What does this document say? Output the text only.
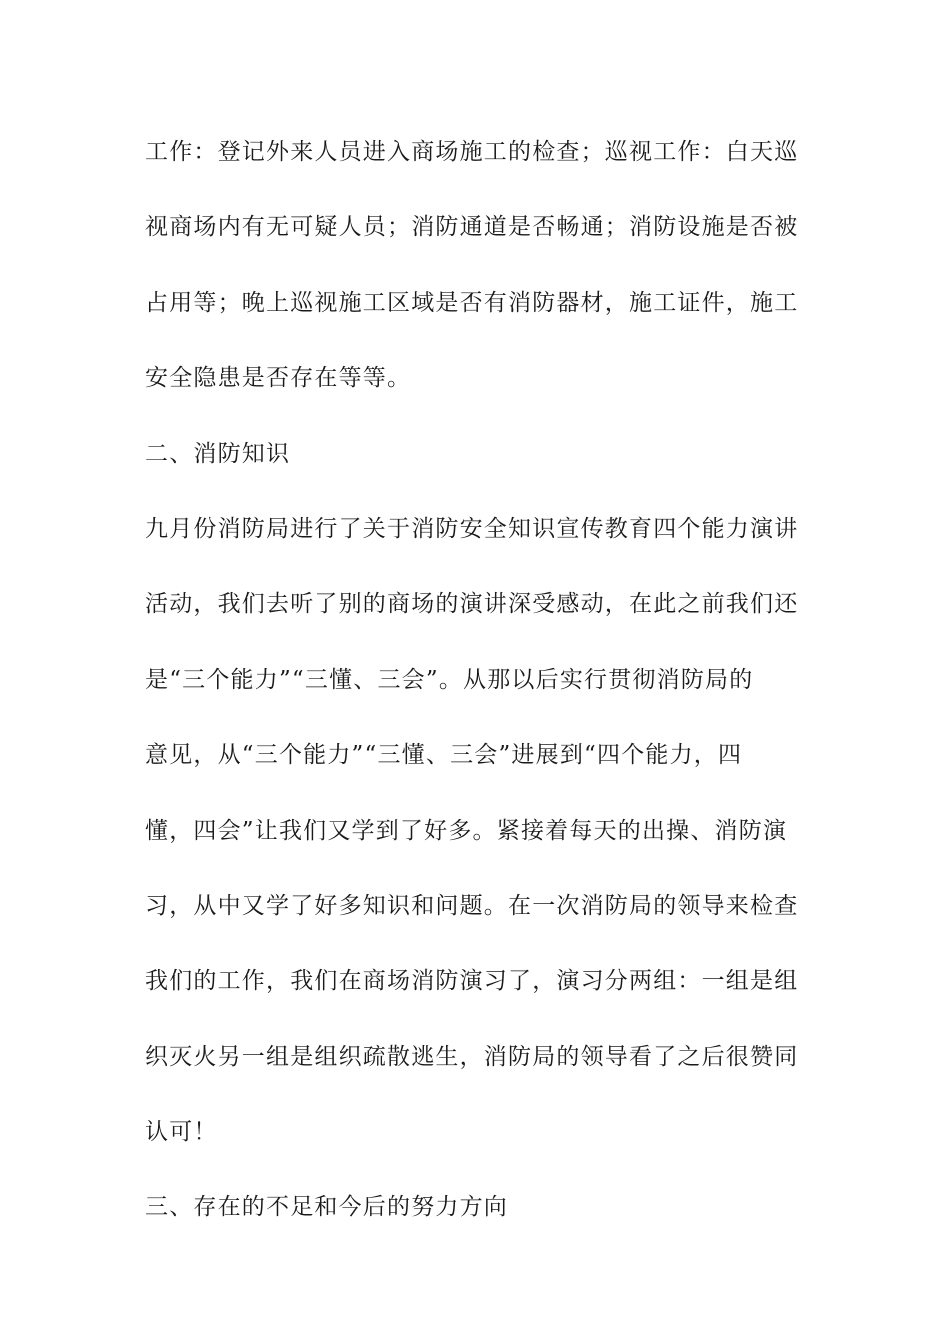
工作：登记外来人员进入商场施工的检查；巡视工作：白天巡
视商场内有无可疑人员；消防通道是否畅通；消防设施是否被
占用等；晚上巡视施工区域是否有消防器材，施工证件，施工
安全隐患是否存在等等。
二、消防知识
九月份消防局进行了关于消防安全知识宣传教育四个能力演讲
活动，我们去听了别的商场的演讲深受感动，在此之前我们还
是“三个能力”“三懂、三会”。从那以后实行贯彻消防局的
意见，从“三个能力”“三懂、三会”进展到“四个能力，四
懂，四会”让我们又学到了好多。紧接着每天的出操、消防演
习，从中又学了好多知识和问题。在一次消防局的领导来检查
我们的工作，我们在商场消防演习了，演习分两组：一组是组
织灭火另一组是组织疏散逃生，消防局的领导看了之后很赞同
认可！
三、存在的不足和今后的努力方向
